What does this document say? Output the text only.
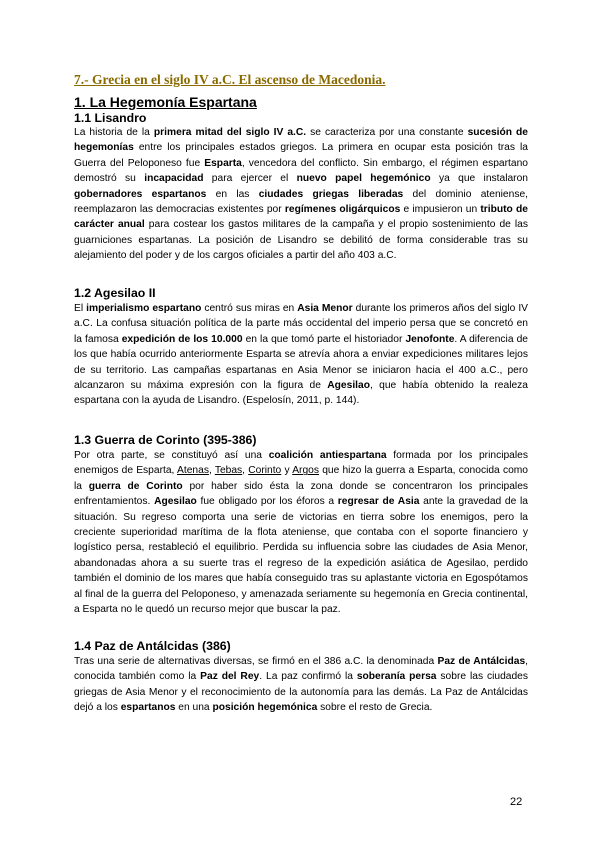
7.- Grecia en el siglo IV a.C. El ascenso de Macedonia.
1. La Hegemonía Espartana
1.1 Lisandro
La historia de la primera mitad del siglo IV a.C. se caracteriza por una constante sucesión de hegemonías entre los principales estados griegos. La primera en ocupar esta posición tras la Guerra del Peloponeso fue Esparta, vencedora del conflicto. Sin embargo, el régimen espartano demostró su incapacidad para ejercer el nuevo papel hegemónico ya que instalaron gobernadores espartanos en las ciudades griegas liberadas del dominio ateniense, reemplazaron las democracias existentes por regímenes oligárquicos e impusieron un tributo de carácter anual para costear los gastos militares de la campaña y el propio sostenimiento de las guarniciones espartanas. La posición de Lisandro se debilitó de forma considerable tras su alejamiento del poder y de los cargos oficiales a partir del año 403 a.C.
1.2 Agesilao II
El imperialismo espartano centró sus miras en Asia Menor durante los primeros años del siglo IV a.C. La confusa situación política de la parte más occidental del imperio persa que se concretó en la famosa expedición de los 10.000 en la que tomó parte el historiador Jenofonte. A diferencia de los que había ocurrido anteriormente Esparta se atrevía ahora a enviar expediciones militares lejos de su territorio. Las campañas espartanas en Asia Menor se iniciaron hacia el 400 a.C., pero alcanzaron su máxima expresión con la figura de Agesilao, que había obtenido la realeza espartana con la ayuda de Lisandro. (Espelosín, 2011, p. 144).
1.3 Guerra de Corinto (395-386)
Por otra parte, se constituyó así una coalición antiespartana formada por los principales enemigos de Esparta, Atenas, Tebas, Corinto y Argos que hizo la guerra a Esparta, conocida como la guerra de Corinto por haber sido ésta la zona donde se concentraron los principales enfrentamientos. Agesilao fue obligado por los éforos a regresar de Asia ante la gravedad de la situación. Su regreso comporta una serie de victorias en tierra sobre los enemigos, pero la creciente superioridad marítima de la flota ateniense, que contaba con el soporte financiero y logístico persa, restableció el equilibrio. Perdida su influencia sobre las ciudades de Asia Menor, abandonadas ahora a su suerte tras el regreso de la expedición asiática de Agesilao, perdido también el dominio de los mares que había conseguido tras su aplastante victoria en Egospótamos al final de la guerra del Peloponeso, y amenazada seriamente su hegemonía en Grecia continental, a Esparta no le quedó un recurso mejor que buscar la paz.
1.4 Paz de Antálcidas (386)
Tras una serie de alternativas diversas, se firmó en el 386 a.C. la denominada Paz de Antálcidas, conocida también como la Paz del Rey. La paz confirmó la soberanía persa sobre las ciudades griegas de Asia Menor y el reconocimiento de la autonomía para las demás. La Paz de Antálcidas dejó a los espartanos en una posición hegemónica sobre el resto de Grecia.
22
